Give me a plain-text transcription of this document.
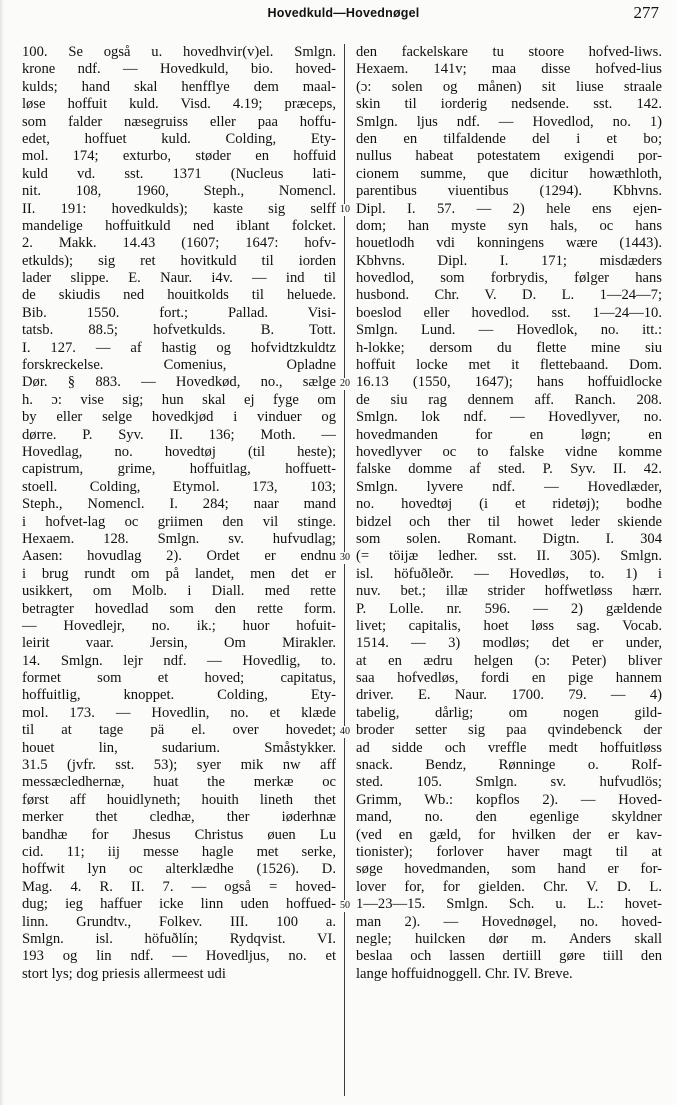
Hovedkuld—Hovednøgel	277
100. Se også u. hovedhvir(v)el. Smlgn.
krone ndf. — Hovedkuld, bio. hoved-
kulds; hand skal henfflye dem maal-
løse hoffuit kuld. Visd. 4.19; præceps,
som falder næsegruiss eller paa hoffu-
edet, hoffuet kuld. Colding, Ety-
mol. 174; exturbo, støder en hoffuid
kuld vd. sst. 1371 (Nucleus lati-
nit. 108, 1960, Steph., Nomencl.
II. 191: hovedkulds); kaste sig selff
mandelige hoffuitkuld ned iblant folcket.
2. Makk. 14.43 (1607; 1647: hofv-
etkulds); sig ret hovitkuld til iorden
lader slippe. E. Naur. i4v. — ind til
de skiudis ned houitkolds til heluede.
Bib. 1550. fort.; Pallad. Visi-
tatsb. 88.5; hofvetkulds. B. Tott.
I. 127. — af hastig og hofvidtzkuldtz
forskreckelse. Comenius, Opladne
Dør. § 883. — Hovedkød, no., sælge
h. ɔ: vise sig; hun skal ej fyge om
by eller selge hovedkjød i vinduer og
dørre. P. Syv. II. 136; Moth. —
Hovedlag, no. hovedtøj (til heste);
capistrum, grime, hoffuitlag, hoffuett-
stoell. Colding, Etymol. 173, 103;
Steph., Nomencl. I. 284; naar mand
i hofvet-lag oc griimen den vil stinge.
Hexaem. 128. Smlgn. sv. hufvudlag;
Aasen: hovudlag 2). Ordet er endnu
i brug rundt om på landet, men det er
usikkert, om Molb. i Diall. med rette
betragter hovedlad som den rette form.
— Hovedlejr, no. ik.; huor hofuit-
leirit vaar. Jersin, Om Mirakler.
14. Smlgn. lejr ndf. — Hovedlig, to.
formet som et hoved; capitatus,
hoffuitlig, knoppet. Colding, Ety-
mol. 173. — Hovedlin, no. et klæde
til at tage pä el. over hovedet;
houet lin, sudarium. Småstykker.
31.5 (jvfr. sst. 53); syer mik nw aff
messæcledhernæ, huat the merkæ oc
først aff houidlyneth; houith lineth thet
merker thet cledhæ, ther iøderhnæ
bandhæ for Jhesus Christus øuen Lu
cid. 11; iij messe hagle met serke,
hoffwit lyn oc alterklædhe (1526). D.
Mag. 4. R. II. 7. — også = hoved-
dug; ieg haffuer icke linn uden hoffued-
linn. Grundtv., Folkev. III. 100 a.
Smlgn. isl. höfuðlín; Rydqvist. VI.
193 og lin ndf. — Hovedljus, no. et
stort lys; dog priesis allermeest udi
10
20
30
40
50
den fackelskare tu stoore hofved-liws.
Hexaem. 141v; maa disse hofved-lius
(ɔ: solen og månen) sit liuse straale
skin til iorderig nedsende. sst. 142.
Smlgn. ljus ndf. — Hovedlod, no. 1)
den en tilfaldende del i et bo;
nullus habeat potestatem exigendi por-
cionem summe, que dicitur howæthloth,
parentibus viuentibus (1294). Kbhvns.
Dipl. I. 57. — 2) hele ens ejen-
dom; han myste syn hals, oc hans
houetlodh vdi konningens wære (1443).
Kbhvns. Dipl. I. 171; misdæders
hovedlod, som forbrydis, følger hans
husbond. Chr. V. D. L. 1—24—7;
boeslod eller hovedlod. sst. 1—24—10.
Smlgn. Lund. — Hovedlok, no. itt.:
h-lokke; dersom du flette mine siu
hoffuit locke met it flettebaand. Dom.
16.13 (1550, 1647); hans hoffuidlocke
de siu rag dennem aff. Ranch. 208.
Smlgn. lok ndf. — Hovedlyver, no.
hovedmanden for en løgn; en
hovedlyver oc to falske vidne komme
falske domme af sted. P. Syv. II. 42.
Smlgn. lyvere ndf. — Hovedlæder,
no. hovedtøj (i et ridetøj); bodhe
bidzel och ther til howet leder skiende
som solen. Romant. Digtn. I. 304
(= töijæ ledher. sst. II. 305). Smlgn.
isl. höfuðleðr. — Hovedløs, to. 1) i
nuv. bet.; illæ strider hoffwetløss hærr.
P. Lolle. nr. 596. — 2) gældende
livet; capitalis, hoet løss sag. Vocab.
1514. — 3) modløs; det er under,
at en ædru helgen (ɔ: Peter) bliver
saa hofvedløs, fordi en pige hannem
driver. E. Naur. 1700. 79. — 4)
tabelig, dårlig; om nogen gild-
broder setter sig paa qvindebenck der
ad sidde och vreffle medt hoffuitløss
snack. Bendz, Rønninge o. Rolf-
sted. 105. Smlgn. sv. hufvudlös;
Grimm, Wb.: kopflos 2). — Hoved-
mand, no. den egenlige skyldner
(ved en gæld, for hvilken der er kav-
tionister); forlover haver magt til at
søge hovedmanden, som hand er for-
lover for, for gielden. Chr. V. D. L.
1—23—15. Smlgn. Sch. u. L.: hovet-
man 2). — Hovednøgel, no. hoved-
negle; huilcken dør m. Anders skall
beslaa och lassen dertiill gøre tiill den
lange hoffuidnoggell. Chr. IV. Breve.
